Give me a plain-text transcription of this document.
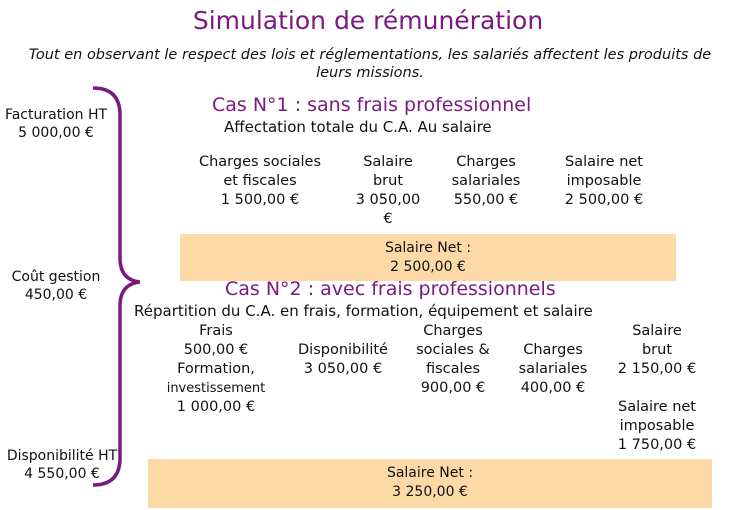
Simulation de rémunération
Tout en observant le respect des lois et réglementations, les salariés affectent les produits de leurs missions.
Facturation HT
5 000,00 €
Coût gestion
450,00 €
Disponibilité HT
4 550,00 €
Cas N°1 : sans frais professionnel
Affectation totale du C.A. Au salaire
Charges sociales
et fiscales
1 500,00 €
Salaire
brut
3 050,00
€
Charges
salariales
550,00 €
Salaire net
imposable
2 500,00 €
Salaire Net :
2 500,00 €
Cas N°2 : avec frais professionnels
Répartition du C.A. en frais, formation, équipement et salaire
Frais
500,00 €
Formation,
investissement
1 000,00 €
Disponibilité
3 050,00 €
Charges
sociales &
fiscales
900,00 €
Charges
salariales
400,00 €
Salaire
brut
2 150,00 €
Salaire net
imposable
1 750,00 €
Salaire Net :
3 250,00 €
